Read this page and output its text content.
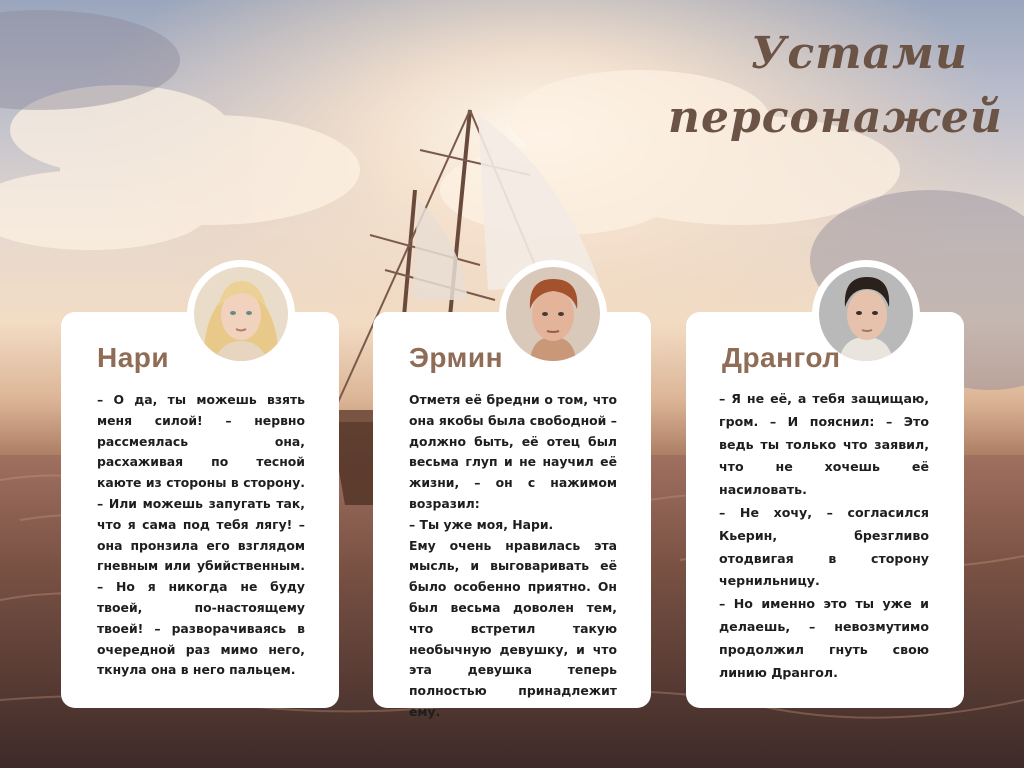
Устами
персонажей
Нари

– О да, ты можешь взять меня силой! – нервно рассмеялась она, расхаживая по тесной каюте из стороны в сторону. – Или можешь запугать так, что я сама под тебя лягу! – она пронзила его взглядом гневным или убийственным. – Но я никогда не буду твоей, по-настоящему твоей! – разворачиваясь в очередной раз мимо него, ткнула она в него пальцем.

Эрмин

Отметя её бредни о том, что она якобы была свободной – должно быть, её отец был весьма глуп и не научил её жизни, – он с нажимом возразил:

– Ты уже моя, Нари.

Ему очень нравилась эта мысль, и выговаривать её было особенно приятно. Он был весьма доволен тем, что встретил такую необычную девушку, и что эта девушка теперь полностью принадлежит ему.

Дрангол

– Я не её, а тебя защищаю, гром. – И пояснил: – Это ведь ты только что заявил, что не хочешь её насиловать.

– Не хочу, – согласился Кьерин, брезгливо отодвигая в сторону чернильницу.

– Но именно это ты уже и делаешь, – невозмутимо продолжил гнуть свою линию Дрангол.
